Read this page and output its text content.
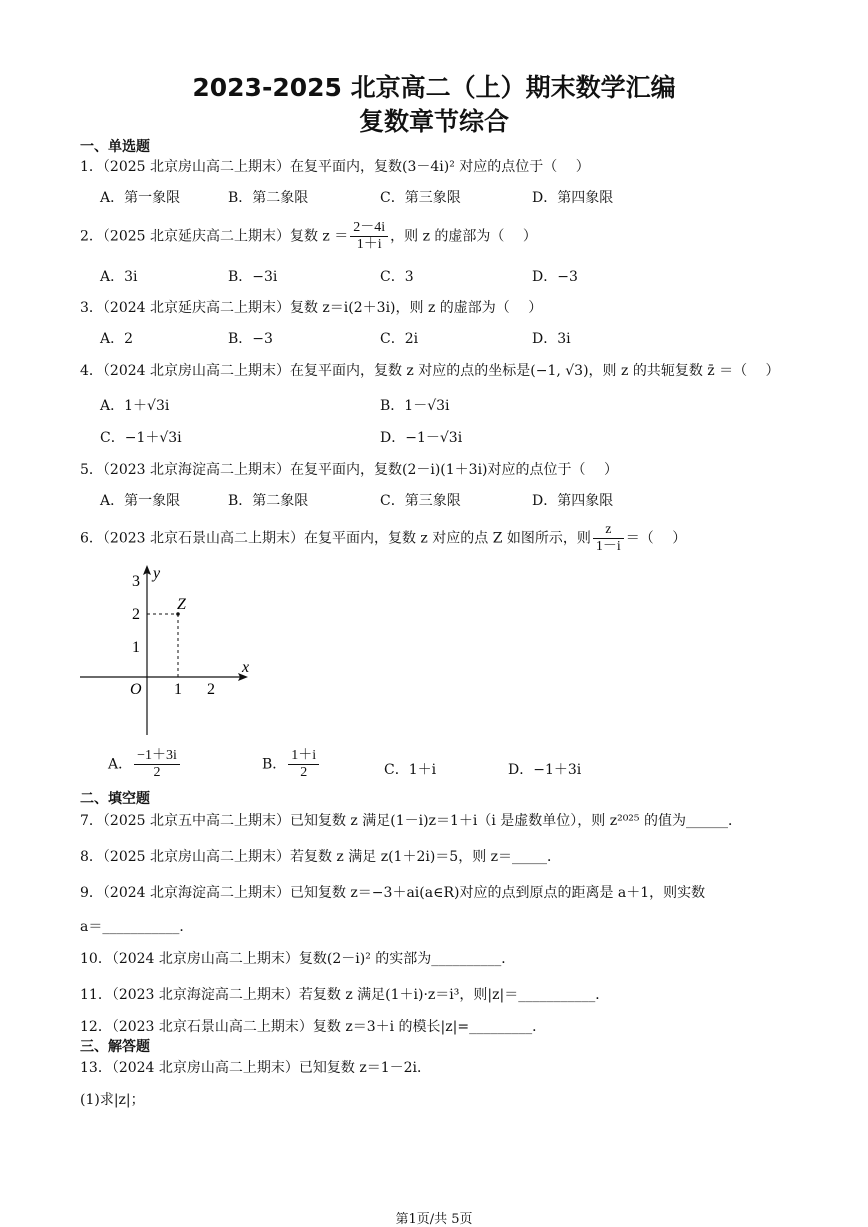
2023-2025 北京高二（上）期末数学汇编
复数章节综合
一、单选题
1．（2025 北京房山高二上期末）在复平面内，复数(3－4i)² 对应的点位于（　 ）
A．第一象限	B．第二象限	C．第三象限	D．第四象限
2．（2025 北京延庆高二上期末）复数 $z = \frac{2-4i}{1+i}$ ，则 z 的虚部为（　 ）
A．3i	B．−3i	C．3	D．−3
3．（2024 北京延庆高二上期末）复数 z＝i(2＋3i)，则 z 的虚部为（　 ）
A．2	B．−3	C．2i	D．3i
4．（2024 北京房山高二上期末）在复平面内，复数 z 对应的点的坐标是(−1, √3)，则 z 的共轭复数 z̄ ＝（　 ）
A．1＋√3i	B．1－√3i
C．−1＋√3i	D．−1－√3i
5．（2023 北京海淀高二上期末）在复平面内，复数(2－i)(1＋3i)对应的点位于（　 ）
A．第一象限	B．第二象限	C．第三象限	D．第四象限
6．（2023 北京石景山高二上期末）在复平面内，复数 z 对应的点 Z 如图所示，则 $\frac{z}{1-i}$ ＝（　 ）
y
x
O
Z
3
2
1
1 2
A． $\frac{-1+3i}{2}$	B． $\frac{1+i}{2}$	C．1＋i	D．−1＋3i
二、填空题
7．（2025 北京五中高二上期末）已知复数 z 满足(1－i)z＝1＋i（i 是虚数单位），则 z²⁰²⁵ 的值为______．
8．（2025 北京房山高二上期末）若复数 z 满足 z(1＋2i)＝5，则 z＝_____．
9．（2024 北京海淀高二上期末）已知复数 z＝−3＋ai(a∈R)对应的点到原点的距离是 a＋1，则实数
a＝___________．
10．（2024 北京房山高二上期末）复数(2－i)² 的实部为__________．
11．（2023 北京海淀高二上期末）若复数 z 满足(1＋i)·z＝i³，则|z|＝___________．
12．（2023 北京石景山高二上期末）复数 z＝3＋i 的模长|z|=_________．
三、解答题
13．（2024 北京房山高二上期末）已知复数 z＝1－2i．
(1)求|z|；
第1页/共 5页
